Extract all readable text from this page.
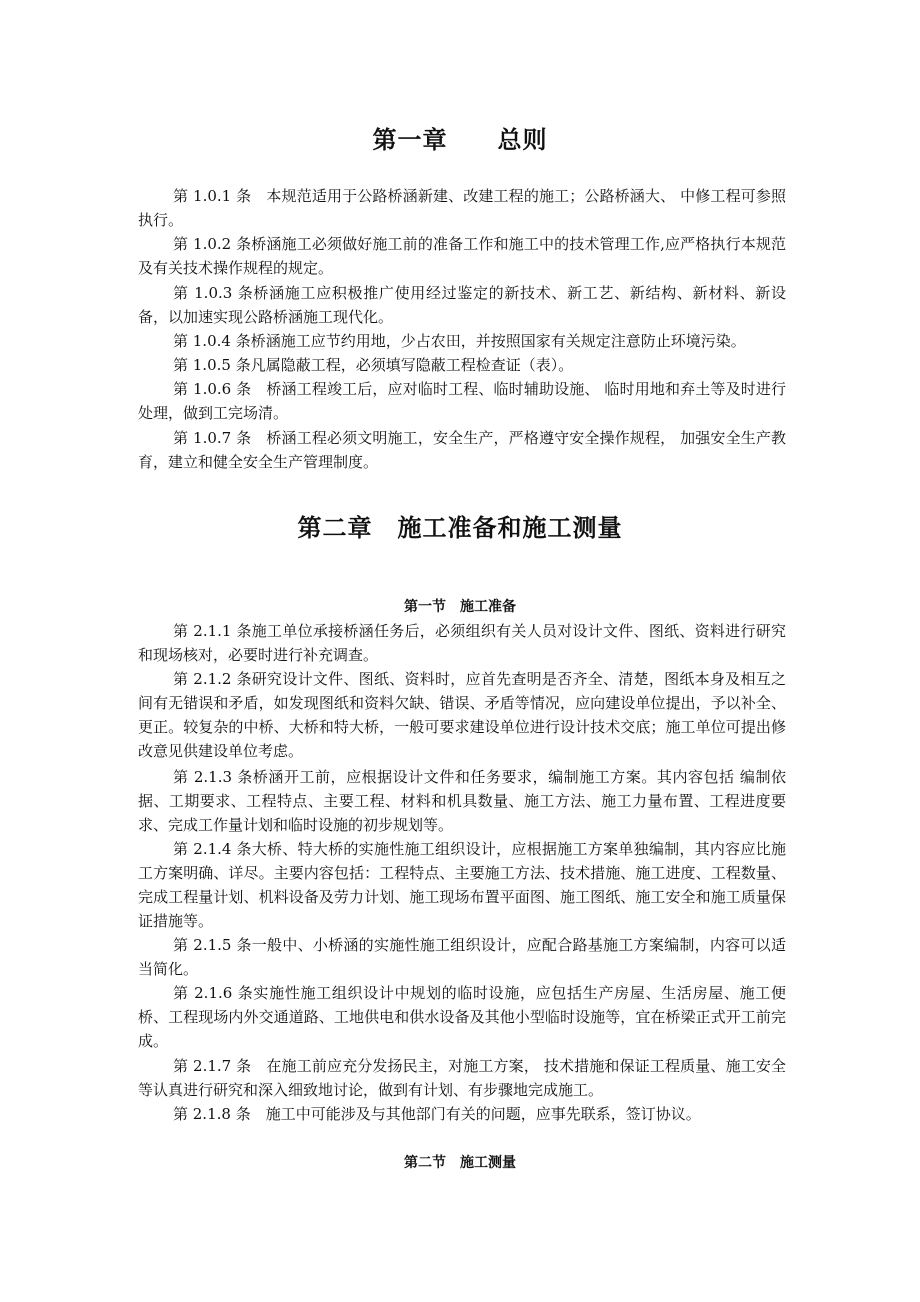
第一章　　总则

第 1.0.1 条　本规范适用于公路桥涵新建、改建工程的施工；公路桥涵大、 中修工程可参照执行。

第 1.0.2 条桥涵施工必须做好施工前的准备工作和施工中的技术管理工作,应严格执行本规范及有关技术操作规程的规定。

第 1.0.3 条桥涵施工应积极推广使用经过鉴定的新技术、新工艺、新结构、新材料、新设备，以加速实现公路桥涵施工现代化。

第 1.0.4 条桥涵施工应节约用地，少占农田，并按照国家有关规定注意防止环境污染。

第 1.0.5 条凡属隐蔽工程，必须填写隐蔽工程检查证（表）。

第 1.0.6 条　桥涵工程竣工后，应对临时工程、临时辅助设施、 临时用地和弃土等及时进行处理，做到工完场清。

第 1.0.7 条　桥涵工程必须文明施工，安全生产，严格遵守安全操作规程， 加强安全生产教育，建立和健全安全生产管理制度。

第二章　施工准备和施工测量
第一节　施工准备

第 2.1.1 条施工单位承接桥涵任务后，必须组织有关人员对设计文件、图纸、资料进行研究和现场核对，必要时进行补充调查。

第 2.1.2 条研究设计文件、图纸、资料时，应首先查明是否齐全、清楚，图纸本身及相互之间有无错误和矛盾，如发现图纸和资料欠缺、错误、矛盾等情况，应向建设单位提出，予以补全、更正。较复杂的中桥、大桥和特大桥，一般可要求建设单位进行设计技术交底；施工单位可提出修改意见供建设单位考虑。

第 2.1.3 条桥涵开工前，应根据设计文件和任务要求，编制施工方案。其内容包括 编制依据、工期要求、工程特点、主要工程、材料和机具数量、施工方法、施工力量布置、工程进度要求、完成工作量计划和临时设施的初步规划等。

第 2.1.4 条大桥、特大桥的实施性施工组织设计，应根据施工方案单独编制，其内容应比施工方案明确、详尽。主要内容包括：工程特点、主要施工方法、技术措施、施工进度、工程数量、完成工程量计划、机料设备及劳力计划、施工现场布置平面图、施工图纸、施工安全和施工质量保证措施等。

第 2.1.5 条一般中、小桥涵的实施性施工组织设计，应配合路基施工方案编制，内容可以适当简化。

第 2.1.6 条实施性施工组织设计中规划的临时设施，应包括生产房屋、生活房屋、施工便桥、工程现场内外交通道路、工地供电和供水设备及其他小型临时设施等，宜在桥梁正式开工前完成。

第 2.1.7 条　在施工前应充分发扬民主，对施工方案， 技术措施和保证工程质量、施工安全等认真进行研究和深入细致地讨论，做到有计划、有步骤地完成施工。

第 2.1.8 条　施工中可能涉及与其他部门有关的问题，应事先联系，签订协议。

第二节　施工测量
